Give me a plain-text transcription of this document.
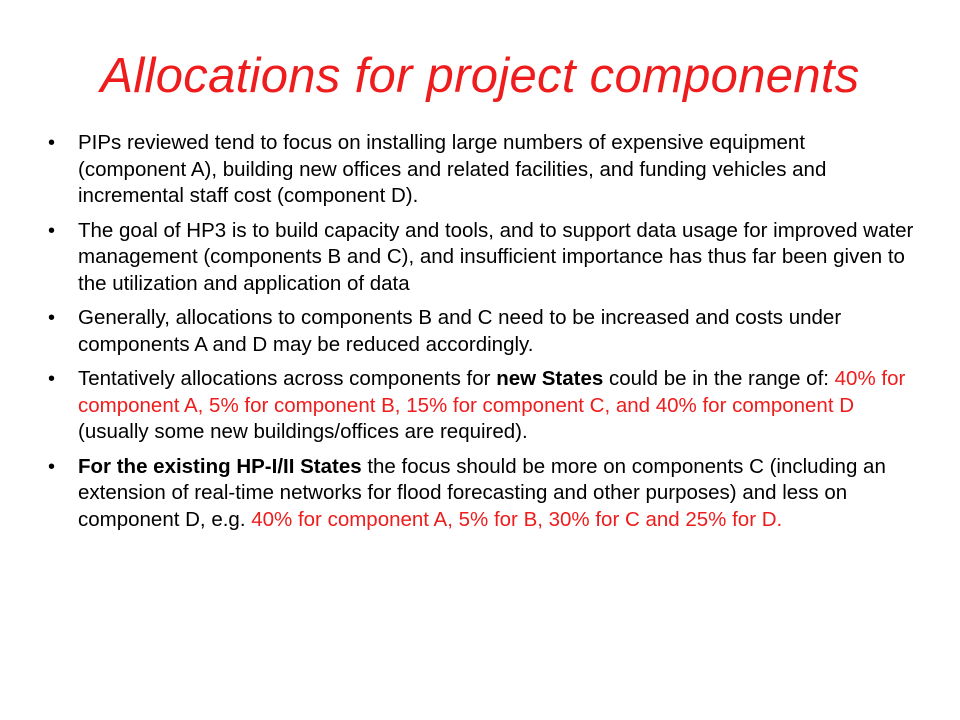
Allocations for project components
•	PIPs reviewed tend to focus on installing large numbers of expensive equipment (component A), building new offices and related facilities, and funding vehicles and incremental staff cost (component D).
•	The goal of HP3 is to build capacity and tools, and to support data usage for improved water management (components B and C), and insufficient importance has thus far been given to the utilization and application of data
•	Generally, allocations to components B and C need to be increased and costs under components A and D may be reduced accordingly.
•	Tentatively allocations across components for new States could be in the range of: 40% for component A, 5% for component B, 15% for component C, and 40% for component D (usually some new buildings/offices are required).
•	For the existing HP-I/II States the focus should be more on components C (including an extension of real-time networks for flood forecasting and other purposes) and less on component D, e.g. 40% for component A, 5% for B, 30% for C and 25% for D.
